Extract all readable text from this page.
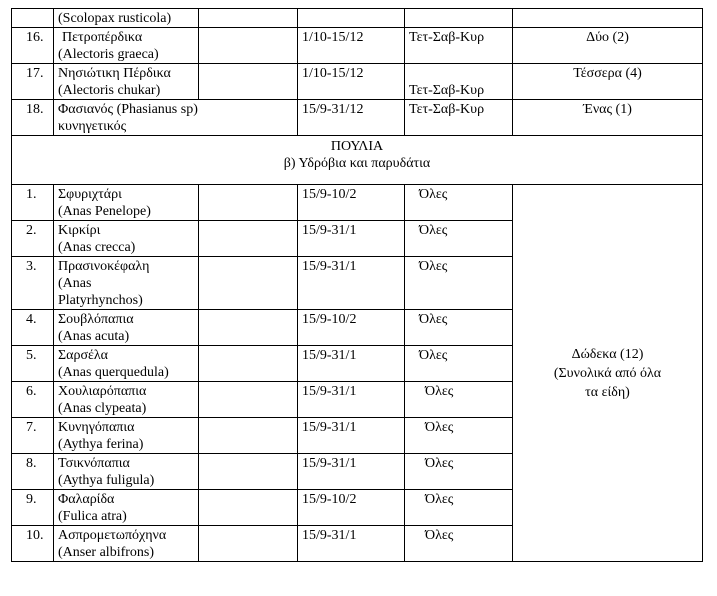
	(Scolopax rusticola)				

16.	Πετροπέρδικα
(Alectoris graeca)		1/10-15/12	Τετ-Σαβ-Κυρ	Δύο (2)
17.	Νησιώτικη Πέρδικα
(Alectoris chukar)		1/10-15/12	Τετ-Σαβ-Κυρ	Τέσσερα (4)
18.	Φασιανός (Phasianus sp)
κυνηγετικός		15/9-31/12	Τετ-Σαβ-Κυρ	Ένας (1)

ΠΟΥΛΙΑ
β) Υδρόβια και παρυδάτια					

1.	Σφυριχτάρι
(Anas Penelope)		15/9-10/2	Όλες	Δώδεκα (12)
(Συνολικά από όλα
τα είδη)

2.	Κιρκίρι
(Anas crecca)		15/9-31/1	Όλες	
3.	Πρασινοκέφαλη
(Anas
Platyrhynchos)		15/9-31/1	Όλες	
4.	Σουβλόπαπια
(Anas acuta)		15/9-10/2	Όλες	
5.	Σαρσέλα
(Anas querquedula)		15/9-31/1	Όλες	
6.	Χουλιαρόπαπια
(Anas clypeata)		15/9-31/1	Όλες	
7.	Κυνηγόπαπια
(Aythya ferina)		15/9-31/1	Όλες	
8.	Τσικνόπαπια
(Aythya fuligula)		15/9-31/1	Όλες	
9.	Φαλαρίδα
(Fulica atra)		15/9-10/2	Όλες	
10.	Ασπρομετωπόχηνα
(Anser albifrons)		15/9-31/1	Όλες	
